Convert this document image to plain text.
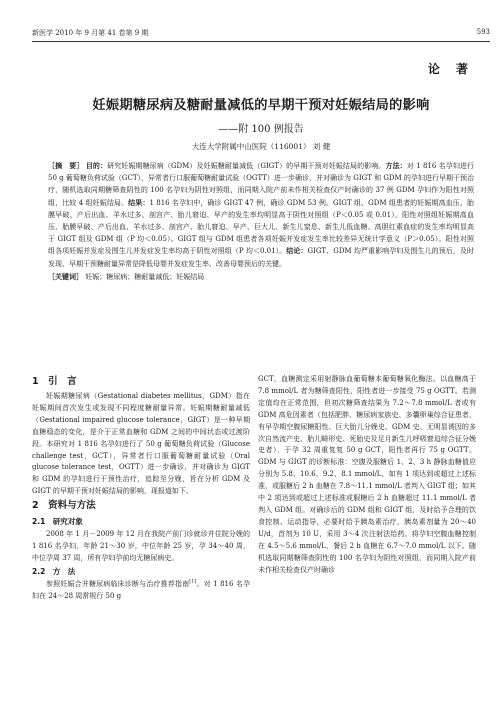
新医学 2010 年 9 月第 41 卷第 9 期	593
论 著
妊娠期糖尿病及糖耐量减低的早期干预对妊娠结局的影响
——附 100 例报告
大连大学附属中山医院（116001） 刘 健
［摘　要］ 目的：研究妊娠期糖尿病（GDM）及妊娠糖耐量减低（GIGT）的早期干预对妊娠结局的影响。方法：对 1 816 名孕妇进行 50 g 葡萄糖负荷试验（GCT），异常者行口服葡萄糖耐量试验（OGTT）进一步确诊，并对确诊为 GIGT 和 GDM 的孕妇进行早期干预治疗，随机选取同期糖筛查阴性的 100 名孕妇为阴性对照组，而同期入院产前未作相关检查仅产时确诊的 37 例 GDM 孕妇作为阳性对照组，比较 4 组妊娠结局。结果：1 816 名孕妇中，确诊 GIGT 47 例，确诊 GDM 53 例。GIGT 组、GDM 组患者的妊娠期高血压、胎膜早破、产后出血、羊水过多、剖宫产、胎儿窘迫、早产的发生率均明显高于阴性对照组（P＜0.05 或 0.01）。阳性对照组妊娠期高血压、胎膜早破、产后出血、羊水过多、剖宫产、胎儿窘迫、早产、巨大儿、新生儿窒息、新生儿低血糖、高胆红素血症的发生率均明显高于 GIGT 组及 GDM 组（P 均＜0.05）。GIGT 组与 GDM 组患者各项妊娠并发症发生率比较差异无统计学意义（P＞0.05）。阳性对照组各项妊娠并发症及围生儿并发症发生率均高于阴性对照组（P 均＜0.01）。结论：GIGT、GDM 均严重影响孕妇及围生儿的预后，及时发现、早期干预糖耐量异常是降低母婴并发症发生率、改善母婴预后的关键。
［关键词］ 妊娠；糖尿病；糖耐量减低；妊娠结局
1　引　言

妊娠期糖尿病（Gestational diabetes mellitus，GDM）指在妊娠期间首次发生或发现不同程度糖耐量异常。妊娠期糖耐量减低（Gestational impaired glucose tolerance，GIGT）是一种早期血糖稳态的变化，是介于正常血糖和 GDM 之间的中间状态或过渡阶段。本研究对 1 816 名孕妇进行了 50 g 葡萄糖负荷试验（Glucose challenge test，GCT），异常者行口服葡萄糖耐量试验（Oral glucose tolerance test，OGTT）进一步确诊，并对确诊为 GIGT 和 GDM 的孕妇进行干预性治疗，追踪至分娩，旨在分析 GDM 及 GIGT 的早期干预对妊娠结局的影响，现报道如下。

2　资料与方法
2.1　研究对象

2008 年 1 月－2009 年 12 月在我院产前门诊就诊并住院分娩的 1 816 名孕妇，年龄 21～30 岁，中位年龄 25 岁，孕 34～40 周，中位孕周 37 周，所有孕妇孕前均无糖尿病史。

2.2　方　法

参照妊娠合并糖尿病临床诊断与治疗推荐指南[1]。对 1 816 名孕妇在 24～28 周常规行 50 g

GCT，血糖测定采用射静脉血葡萄糖本葡萄糖氧化酶法。以血糖高于 7.8 mmol/L 者为糖筛查阳性，阳性者进一步接受 75 g OGTT。若测定值均在正常范围，但初次糖筛查结果为 7.2～7.8 mmol/L 者或有 GDM 高危因素者（包括肥胖、糖尿病家族史、多囊卵巢综合征患者，有早孕期空腹尿糖阳性、巨大胎儿分娩史、GDM 史、无明显诱因的多次自然流产史、胎儿畸形史、死胎史及足月新生儿呼吸窘迫综合征分娩史者），于孕 32 周重复复 50 g GCT，阳性者再行 75 g OGTT。GDM 与 GIGT 的诊断标准：空腹及服糖后 1、2、3 h 静脉血糖值应分别为 5.8、10.6、9.2、8.1 mmol/L，如有 1 项达到或超过上述标准，或服糖后 2 h 血糖在 7.8～11.1 mmol/L 者判入 GIGT 组；如其中 2 项达到或超过上述标准或服糖后 2 h 血糖超过 11.1 mmol/L 者判入 GDM 组。对确诊后的 GDM 组和 GIGT 组，及时给予合理的饮食控制、运动指导，必要时给予胰岛素治疗，胰岛素剂量为 20～40 U/d，首剂为 10 U，采用 3～4 次注射法给药。将孕妇空腹血糖控制在 4.5～5.6 mmol/L，餐后 2 h 血糖在 6.7～7.0 mmol/L 以下。随机选取同期糖筛查阴性的 100 名孕妇为阴性对照组，而同期入院产前未作相关检查仅产时确诊
